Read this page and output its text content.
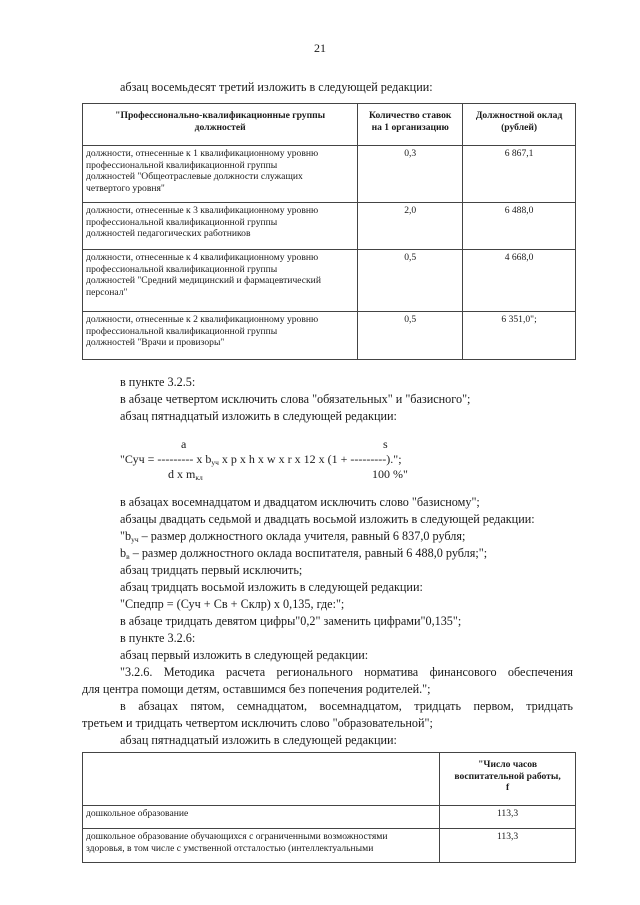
21
абзац восемьдесят третий изложить в следующей редакции:
"Профессионально-квалификационные группы
должностей	Количество ставок
на 1 организацию	Должностной оклад
(рублей)
должности, отнесенные к 1 квалификационному уровню
профессиональной квалификационной группы
должностей "Общеотраслевые должности служащих
четвертого уровня"	0,3	6 867,1
должности, отнесенные к 3 квалификационному уровню
профессиональной квалификационной группы
должностей педагогических работников	2,0	6 488,0
должности, отнесенные к 4 квалификационному уровню
профессиональной квалификационной группы
должностей "Средний медицинский и фармацевтический
персонал"	0,5	4 668,0
должности, отнесенные к 2 квалификационному уровню
профессиональной квалификационной группы
должностей "Врачи и провизоры"	0,5	6 351,0";
в пункте 3.2.5:
в абзаце четвертом исключить слова "обязательных" и "базисного";
абзац пятнадцатый изложить в следующей редакции:
a	s
"Суч = --------- x $b_{уч}$ x p x h x w x r x 12 x (1 + ---------).";
d x $m_{кл}$	100 %"
в абзацах восемнадцатом и двадцатом исключить слово "базисному";
абзацы двадцать седьмой и двадцать восьмой изложить в следующей редакции:
"$b_{уч}$ – размер должностного оклада учителя, равный 6 837,0 рубля;
$b_в$ – размер должностного оклада воспитателя, равный 6 488,0 рубля;";
абзац тридцать первый исключить;
абзац тридцать восьмой изложить в следующей редакции:
"Спедпр = (Суч + Св + Склр) x 0,135, где:";
в абзаце тридцать девятом цифры"0,2" заменить цифрами"0,135";
в пункте 3.2.6:
абзац первый изложить в следующей редакции:
"3.2.6. Методика расчета регионального норматива финансового обеспечения
для центра помощи детям, оставшимся без попечения родителей.";
в абзацах пятом, семнадцатом, восемнадцатом, тридцать первом, тридцать
третьем и тридцать четвертом исключить слово "образовательной";
абзац пятнадцатый изложить в следующей редакции:
	"Число часов
воспитательной работы,
f
дошкольное образование	113,3
дошкольное образование обучающихся с ограниченными возможностями
здоровья, в том числе с умственной отсталостью (интеллектуальными	113,3
